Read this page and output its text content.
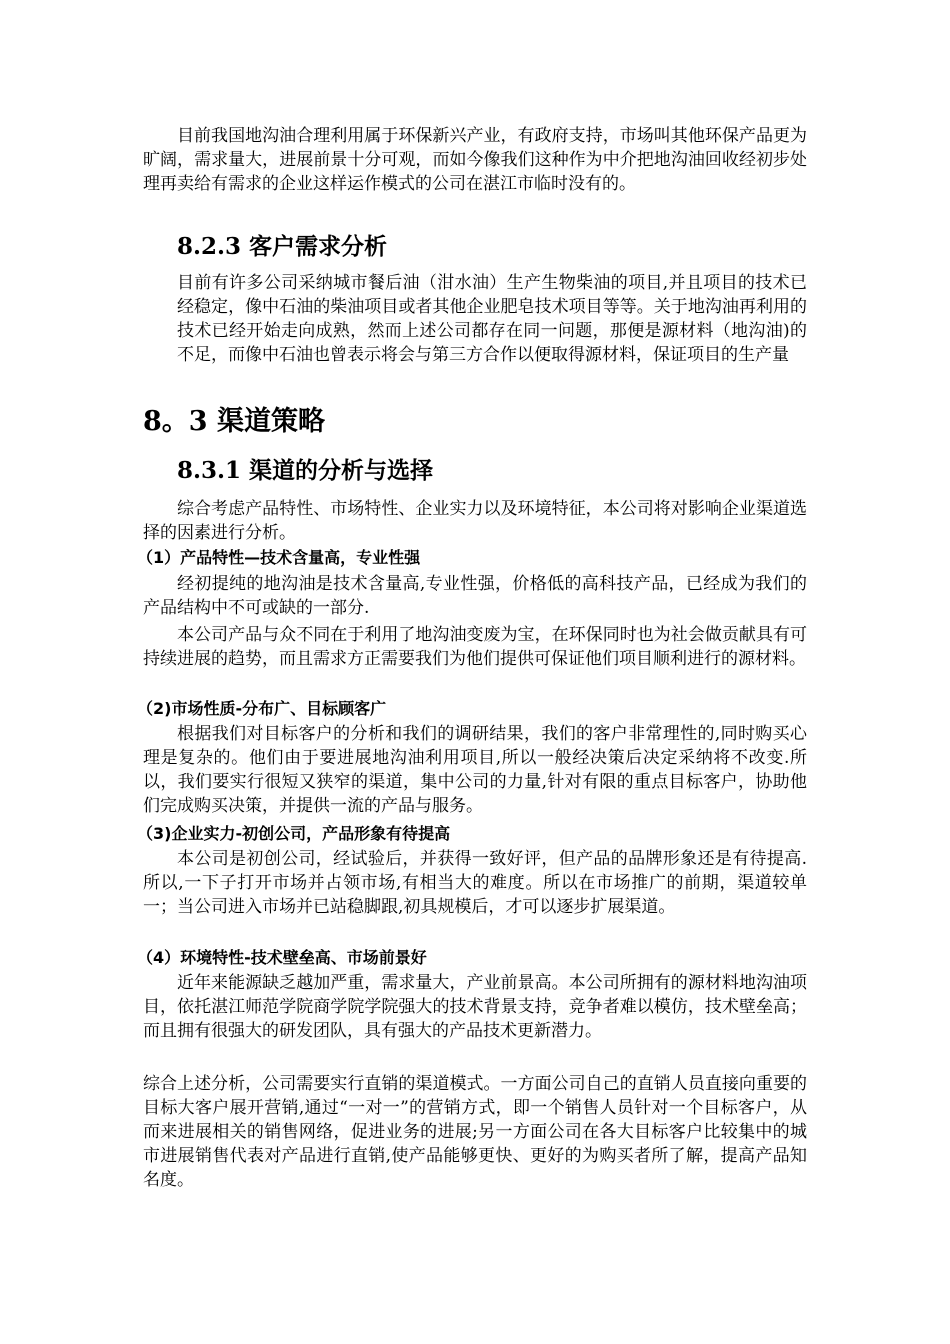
目前我国地沟油合理利用属于环保新兴产业，有政府支持，市场叫其他环保产品更为旷阔，需求量大，进展前景十分可观，而如今像我们这种作为中介把地沟油回收经初步处理再卖给有需求的企业这样运作模式的公司在湛江市临时没有的。

8.2.3 客户需求分析

目前有许多公司采纳城市餐后油（泔水油）生产生物柴油的项目,并且项目的技术已经稳定，像中石油的柴油项目或者其他企业肥皂技术项目等等。关于地沟油再利用的技术已经开始走向成熟，然而上述公司都存在同一问题，那便是源材料（地沟油)的不足，而像中石油也曾表示将会与第三方合作以便取得源材料，保证项目的生产量

8。3 渠道策略
8.3.1 渠道的分析与选择

综合考虑产品特性、市场特性、企业实力以及环境特征，本公司将对影响企业渠道选择的因素进行分析。

（1）产品特性—技术含量高，专业性强

经初提纯的地沟油是技术含量高,专业性强，价格低的高科技产品，已经成为我们的产品结构中不可或缺的一部分.

本公司产品与众不同在于利用了地沟油变废为宝，在环保同时也为社会做贡献具有可持续进展的趋势，而且需求方正需要我们为他们提供可保证他们项目顺利进行的源材料。

（2)市场性质-分布广、目标顾客广

根据我们对目标客户的分析和我们的调研结果，我们的客户非常理性的,同时购买心理是复杂的。他们由于要进展地沟油利用项目,所以一般经决策后决定采纳将不改变.所以，我们要实行很短又狭窄的渠道，集中公司的力量,针对有限的重点目标客户，协助他们完成购买决策，并提供一流的产品与服务。

（3)企业实力-初创公司，产品形象有待提高

本公司是初创公司，经试验后，并获得一致好评，但产品的品牌形象还是有待提高.所以,一下子打开市场并占领市场,有相当大的难度。所以在市场推广的前期，渠道较单一；当公司进入市场并已站稳脚跟,初具规模后，才可以逐步扩展渠道。

（4）环境特性-技术壁垒高、市场前景好

近年来能源缺乏越加严重，需求量大，产业前景高。本公司所拥有的源材料地沟油项目，依托湛江师范学院商学院学院强大的技术背景支持，竞争者难以模仿，技术壁垒高；而且拥有很强大的研发团队，具有强大的产品技术更新潜力。

综合上述分析，公司需要实行直销的渠道模式。一方面公司自己的直销人员直接向重要的目标大客户展开营销,通过“一对一”的营销方式，即一个销售人员针对一个目标客户，从而来进展相关的销售网络，促进业务的进展;另一方面公司在各大目标客户比较集中的城市进展销售代表对产品进行直销,使产品能够更快、更好的为购买者所了解，提高产品知名度。
